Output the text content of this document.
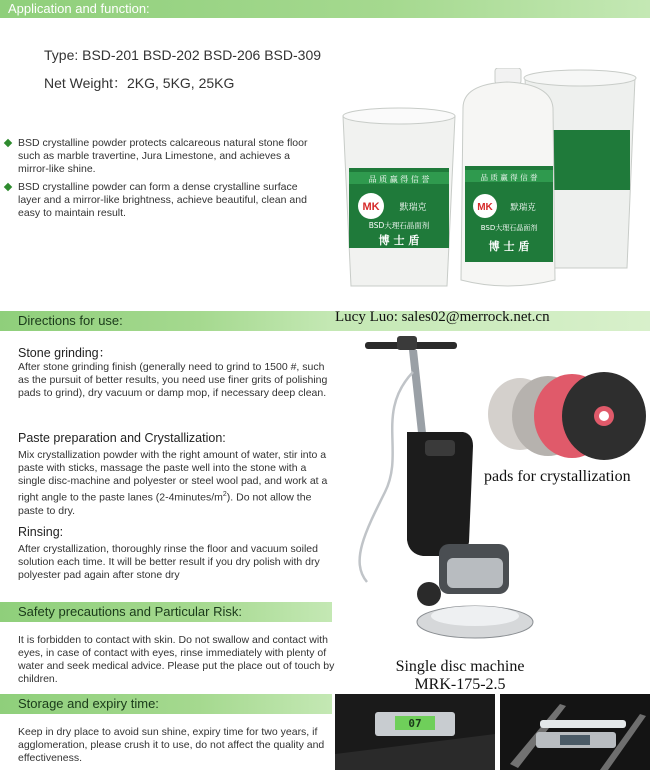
Application and function:
Type: BSD-201 BSD-202 BSD-206 BSD-309
Net Weight：2KG, 5KG, 25KG
BSD crystalline powder protects calcareous natural stone floor such as marble travertine, Jura Limestone, and achieves a mirror-like shine.
BSD crystalline powder can form a dense crystalline surface layer and a mirror-like brightness, achieve beautiful, clean and easy to maintain result.
品 质 赢 得 信 誉
MK 默瑞克
BSD大理石晶面剂
博 士 盾
品 质 赢 得 信 誉
MK 默瑞克
BSD大理石晶面剂
博 士 盾
Directions for use:	Lucy Luo: sales02@merrock.net.cn
Stone grinding：
After stone grinding finish (generally need to grind to 1500 #, such as the pursuit of better results, you need use finer grits of polishing pads to grind), dry vacuum or damp mop, if necessary deep clean.
Paste preparation and Crystallization:
Mix crystallization powder with the right amount of water, stir into a paste with sticks, massage the paste well into the stone with a single disc-machine and polyester or steel wool pad, and work at a right angle to the paste lanes $(2-4minutes/m^2)$. Do not allow the paste to dry.
Rinsing:
After crystallization, thoroughly rinse the floor and vacuum soiled solution each time. It will be better result if you dry polish with dry polyester pad again after stone dry
pads for crystallization
Safety precautions and Particular Risk:
It is forbidden to contact with skin. Do not swallow and contact with eyes, in case of contact with eyes, rinse immediately with plenty of water and seek medical advice. Please put the place out of touch by children.
Single disc machine
MRK-175-2.5
Storage and expiry time:
Keep in dry place to avoid sun shine, expiry time for two years, if agglomeration, please crush it to use, do not affect the quality and effectiveness.
07
